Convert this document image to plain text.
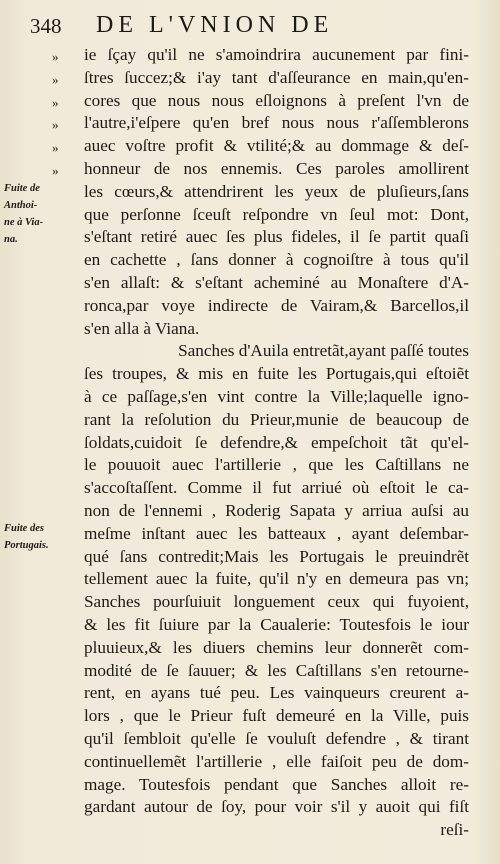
348 DE L'VNION DE
» ie ſçay qu'il ne s'amoindrira aucunement par fini-
» ſtres ſuccez;& i'ay tant d'aſſeurance en main,qu'en-
» cores que nous nous eſloignons à preſent l'vn de
» l'autre,i'eſpere qu'en bref nous nous r'aſſemblerons
» auec voſtre profit & vtilité;& au dommage & deſ-
» honneur de nos ennemis. Ces paroles amollirent
les cœurs,& attendrirent les yeux de pluſieurs,ſans
que perſonne ſceuſt reſpondre vn ſeul mot: Dont,
s'eſtant retiré auec ſes plus fideles, il ſe partit quaſi
en cachette , ſans donner à cognoiſtre à tous qu'il
s'en allaſt: & s'eſtant acheminé au Monaſtere d'A-
ronca,par voye indirecte de Vairam,& Barcellos,il
s'en alla à Viana.
Sanches d'Auila entretãt,ayant paſſé toutes
ſes troupes, & mis en fuite les Portugais,qui eſtoiẽt
à ce paſſage,s'en vint contre la Ville;laquelle igno-
rant la reſolution du Prieur,munie de beaucoup de
ſoldats,cuidoit ſe defendre,& empeſchoit tãt qu'el-
le pouuoit auec l'artillerie , que les Caſtillans ne
s'accoſtaſſent. Comme il fut arriué où eſtoit le ca-
non de l'ennemi , Roderig Sapata y arriua auſsi au
meſme inſtant auec les batteaux , ayant deſembar-
qué ſans contredit;Mais les Portugais le preuindrẽt
tellement auec la fuite, qu'il n'y en demeura pas vn;
Sanches pourſuiuit longuement ceux qui fuyoient,
& les fit ſuiure par la Caualerie: Toutesfois le iour
pluuieux,& les diuers chemins leur donnerẽt com-
modité de ſe ſauuer; & les Caſtillans s'en retourne-
rent, en ayans tué peu. Les vainqueurs creurent a-
lors , que le Prieur fuſt demeuré en la Ville, puis
qu'il ſembloit qu'elle ſe vouluſt defendre , & tirant
continuellemẽt l'artillerie , elle faiſoit peu de dom-
mage. Toutesfois pendant que Sanches alloit re-
gardant autour de ſoy, pour voir s'il y auoit qui fiſt
reſi-
Fuite de
Anthoi-
ne à Via-
na.
Fuite des
Portugais.
